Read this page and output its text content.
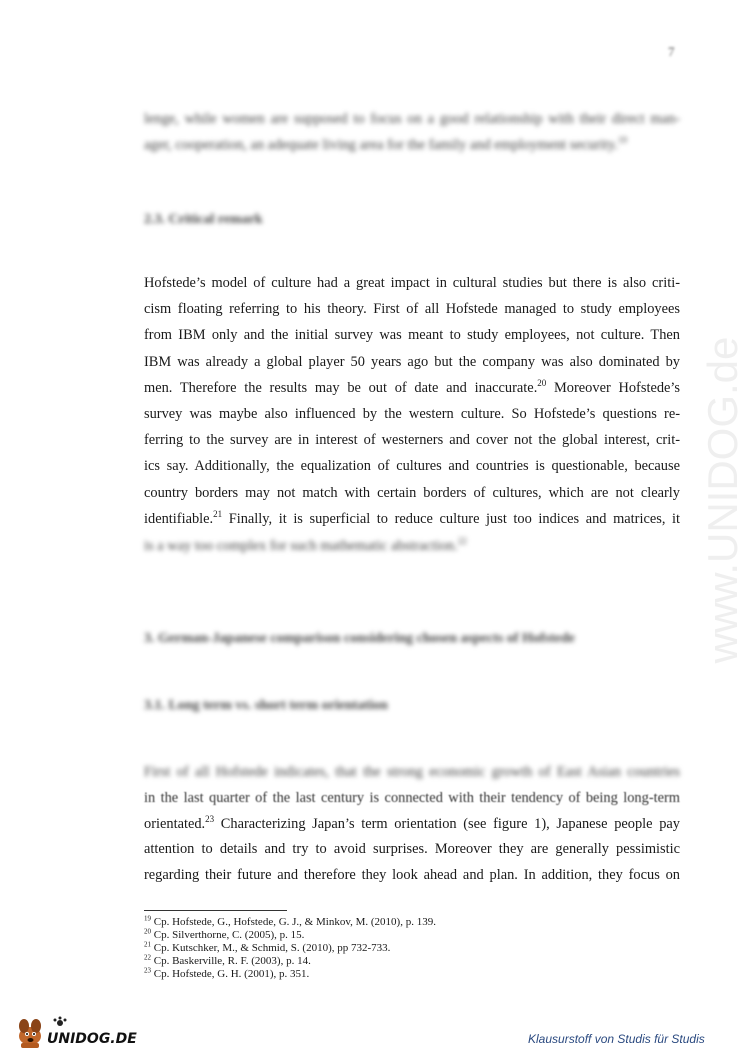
7
lenge, while women are supposed to focus on a good relationship with their direct man-
ager, cooperation, an adequate living area for the family and employment security.$^{19}$
2.3. Critical remark
Hofstede’s model of culture had a great impact in cultural studies but there is also criti-
cism floating referring to his theory. First of all Hofstede managed to study employees
from IBM only and the initial survey was meant to study employees, not culture. Then
IBM was already a global player 50 years ago but the company was also dominated by
men. Therefore the results may be out of date and inaccurate.$^{20}$ Moreover Hofstede’s
survey was maybe also influenced by the western culture. So Hofstede’s questions re-
ferring to the survey are in interest of westerners and cover not the global interest, crit-
ics say. Additionally, the equalization of cultures and countries is questionable, because
country borders may not match with certain borders of cultures, which are not clearly
identifiable.$^{21}$ Finally, it is superficial to reduce culture just too indices and matrices, it
is a way too complex for such mathematic abstraction.$^{22}$
3. German-Japanese comparison considering chosen aspects of Hofstede
3.1. Long term vs. short term orientation
First of all Hofstede indicates, that the strong economic growth of East Asian countries
in the last quarter of the last century is connected with their tendency of being long-term
orientated.$^{23}$ Characterizing Japan’s term orientation (see figure 1), Japanese people pay
attention to details and try to avoid surprises. Moreover they are generally pessimistic
regarding their future and therefore they look ahead and plan. In addition, they focus on
www.UNIDOG.de
$^{19}$ Cp. Hofstede, G., Hofstede, G. J., & Minkov, M. (2010), p. 139.
$^{20}$ Cp. Silverthorne, C. (2005), p. 15.
$^{21}$ Cp. Kutschker, M., & Schmid, S. (2010), pp 732-733.
$^{22}$ Cp. Baskerville, R. F. (2003), p. 14.
$^{23}$ Cp. Hofstede, G. H. (2001), p. 351.
UNIDOG.DE	Klausurstoff von Studis für Studis
